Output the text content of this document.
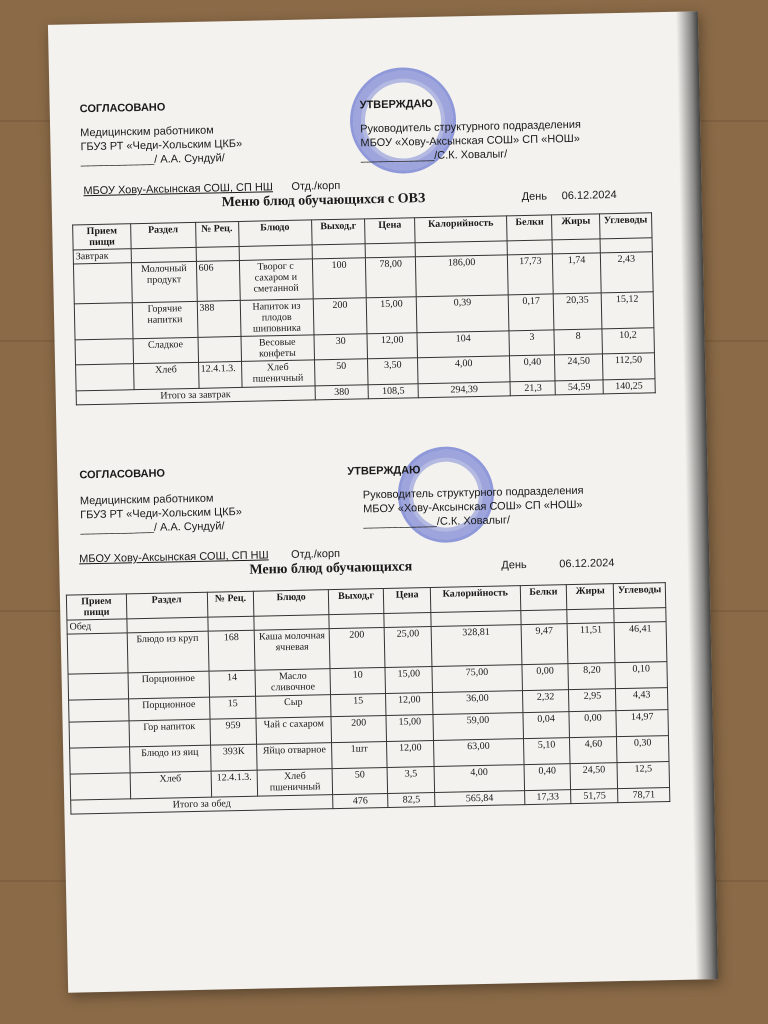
СОГЛАСОВАНО
Медицинским работником
ГБУЗ РТ «Чеди-Хольским ЦКБ»
____________/ А.А. Сундуй/
УТВЕРЖДАЮ
Руководитель структурного подразделения
МБОУ «Хову-Аксынская СОШ» СП «НОШ»
____________/С.К. Ховалыг/
МБОУ Хову-Аксынская СОШ, СП НШ Отд./корп
Меню блюд обучающихся с ОВЗ	День 06.12.2024
Прием пищи	Раздел	№ Рец.	Блюдо	Выход,г	Цена	Калорийность	Белки	Жиры	Углеводы
Завтрак									
	Молочный продукт	606	Творог с сахаром и сметанной	100	78,00	186,00	17,73	1,74	2,43
	Горячие напитки	388	Напиток из плодов шиповника	200	15,00	0,39	0,17	20,35	15,12
	Сладкое		Весовые конфеты	30	12,00	104	3	8	10,2
	Хлеб	12.4.1.3.	Хлеб пшеничный	50	3,50	4,00	0,40	24,50	112,50
Итого за завтрак				380	108,5	294,39	21,3	54,59	140,25
СОГЛАСОВАНО
Медицинским работником
ГБУЗ РТ «Чеди-Хольским ЦКБ»
____________/ А.А. Сундуй/
УТВЕРЖДАЮ
Руководитель структурного подразделения
МБОУ «Хову-Аксынская СОШ» СП «НОШ»
____________/С.К. Ховалыг/
МБОУ Хову-Аксынская СОШ, СП НШ Отд./корп
Меню блюд обучающихся	День	06.12.2024
Прием пищи	Раздел	№ Рец.	Блюдо	Выход,г	Цена	Калорийность	Белки	Жиры	Углеводы
Обед									
	Блюдо из круп	168	Каша молочная ячневая	200	25,00	328,81	9,47	11,51	46,41
	Порционное	14	Масло сливочное	10	15,00	75,00	0,00	8,20	0,10
	Порционное	15	Сыр	15	12,00	36,00	2,32	2,95	4,43
	Гор напиток	959	Чай с сахаром	200	15,00	59,00	0,04	0,00	14,97
	Блюдо из яиц	393К	Яйцо отварное	1шт	12,00	63,00	5,10	4,60	0,30
	Хлеб	12.4.1.3.	Хлеб пшеничный	50	3,5	4,00	0,40	24,50	12,5
Итого за обед				476	82,5	565,84	17,33	51,75	78,71
